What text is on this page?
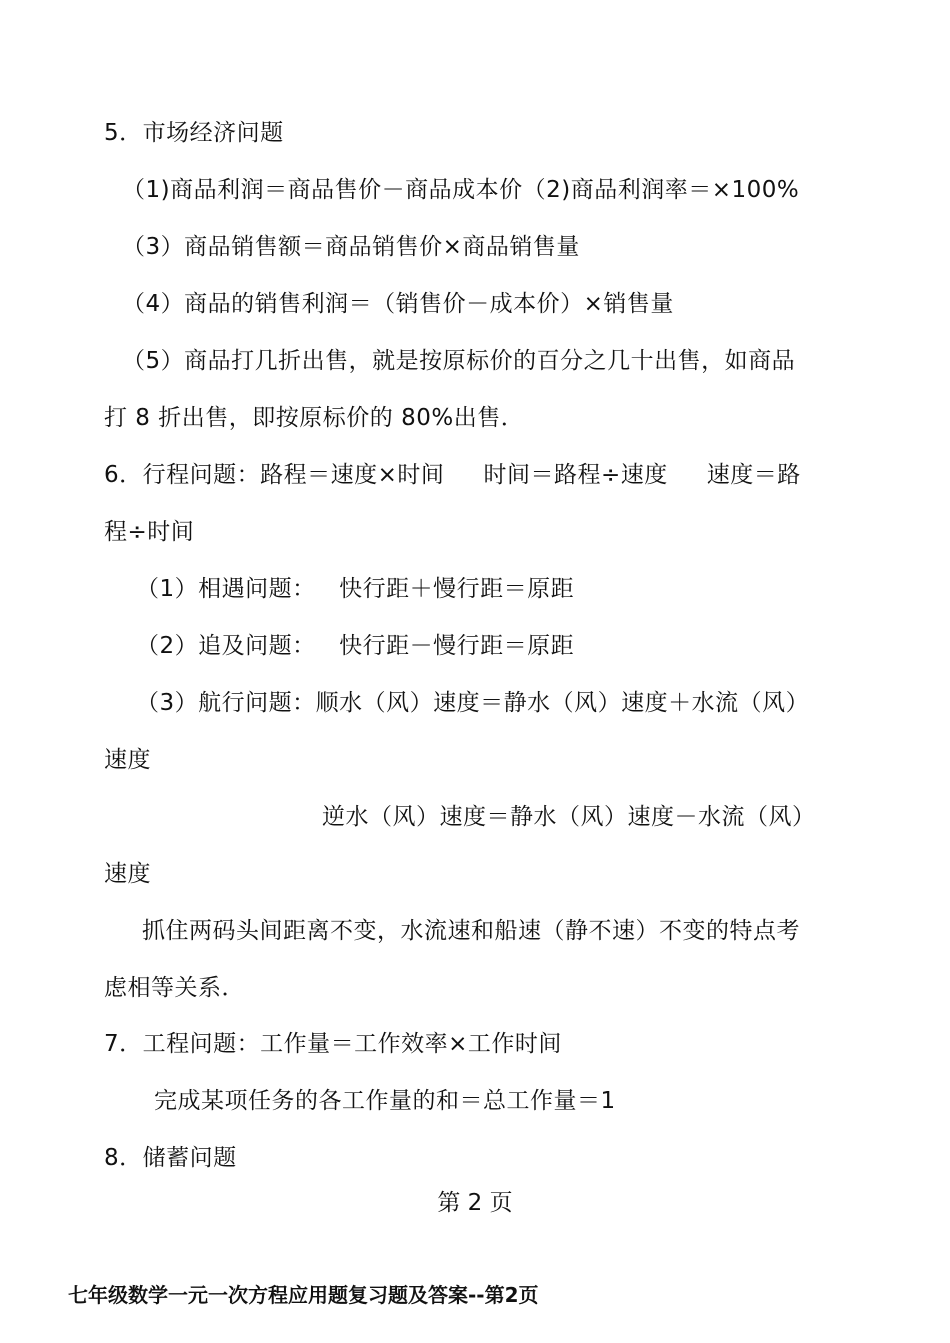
5．市场经济问题
（1)商品利润＝商品售价－商品成本价（2)商品利润率＝×100%
（3）商品销售额＝商品销售价×商品销售量
（4）商品的销售利润＝（销售价－成本价）×销售量
（5）商品打几折出售，就是按原标价的百分之几十出售，如商品
打 8 折出售，即按原标价的 80%出售．
6．行程问题：路程＝速度×时间     时间＝路程÷速度     速度＝路
程÷时间
（1）相遇问题：   快行距＋慢行距＝原距
（2）追及问题：   快行距－慢行距＝原距
（3）航行问题：顺水（风）速度＝静水（风）速度＋水流（风）
速度
逆水（风）速度＝静水（风）速度－水流（风）
速度
抓住两码头间距离不变，水流速和船速（静不速）不变的特点考
虑相等关系．
7．工程问题：工作量＝工作效率×工作时间
完成某项任务的各工作量的和＝总工作量＝1
8．储蓄问题
第 2 页
七年级数学一元一次方程应用题复习题及答案--第2页
